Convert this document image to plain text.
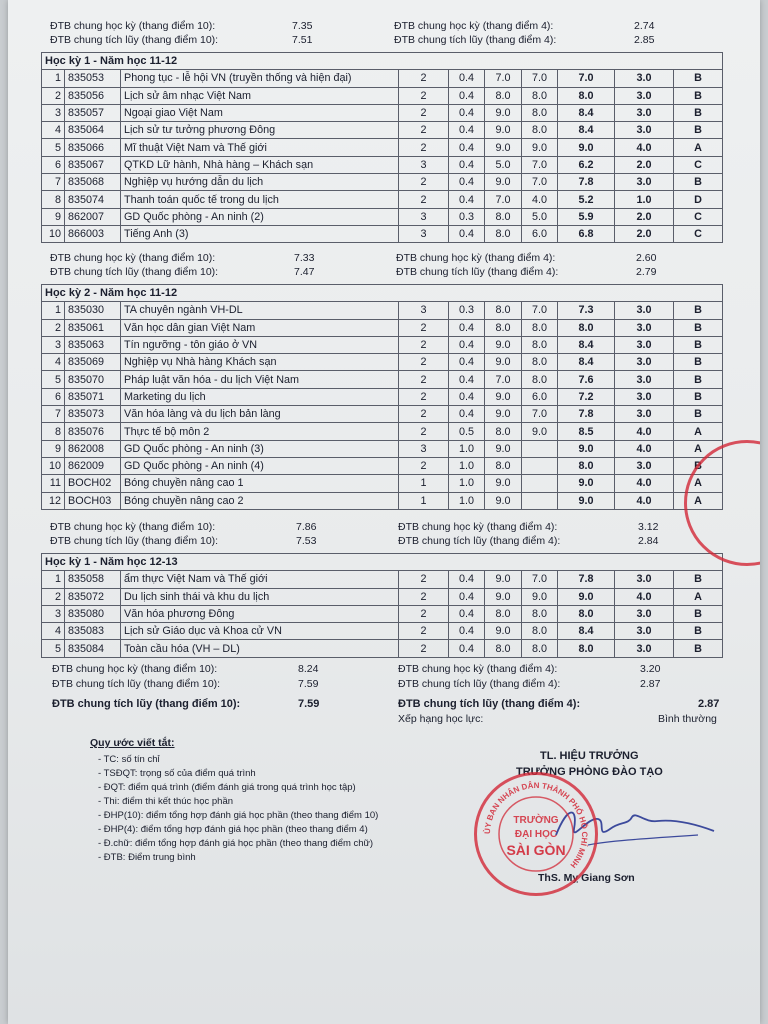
ĐTB chung học kỳ (thang điểm 10):	7.35
ĐTB chung tích lũy (thang điểm 10):	7.51
ĐTB chung học kỳ (thang điểm 4):	2.74
ĐTB chung tích lũy (thang điểm 4):	2.85
Học kỳ 1 - Năm học 11-12									
1	835053	Phong tục - lễ hội VN (truyền thống và hiện đại)	2	0.4	7.0	7.0	7.0	3.0	B
2	835056	Lịch sử âm nhạc Việt Nam	2	0.4	8.0	8.0	8.0	3.0	B
3	835057	Ngoại giao Việt Nam	2	0.4	9.0	8.0	8.4	3.0	B
4	835064	Lịch sử tư tưởng phương Đông	2	0.4	9.0	8.0	8.4	3.0	B
5	835066	Mĩ thuật Việt Nam và Thế giới	2	0.4	9.0	9.0	9.0	4.0	A
6	835067	QTKD Lữ hành, Nhà hàng – Khách sạn	3	0.4	5.0	7.0	6.2	2.0	C
7	835068	Nghiệp vụ hướng dẫn du lịch	2	0.4	9.0	7.0	7.8	3.0	B
8	835074	Thanh toán quốc tế trong du lịch	2	0.4	7.0	4.0	5.2	1.0	D
9	862007	GD Quốc phòng - An ninh (2)	3	0.3	8.0	5.0	5.9	2.0	C
10	866003	Tiếng Anh (3)	3	0.4	8.0	6.0	6.8	2.0	C
ĐTB chung học kỳ (thang điểm 10):	7.33
ĐTB chung tích lũy (thang điểm 10):	7.47
ĐTB chung học kỳ (thang điểm 4):	2.60
ĐTB chung tích lũy (thang điểm 4):	2.79
Học kỳ 2 - Năm học 11-12									
1	835030	TA chuyên ngành VH-DL	3	0.3	8.0	7.0	7.3	3.0	B
2	835061	Văn học dân gian Việt Nam	2	0.4	8.0	8.0	8.0	3.0	B
3	835063	Tín ngưỡng - tôn giáo ở VN	2	0.4	9.0	8.0	8.4	3.0	B
4	835069	Nghiệp vụ Nhà hàng Khách sạn	2	0.4	9.0	8.0	8.4	3.0	B
5	835070	Pháp luật văn hóa - du lịch Việt Nam	2	0.4	7.0	8.0	7.6	3.0	B
6	835071	Marketing du lịch	2	0.4	9.0	6.0	7.2	3.0	B
7	835073	Văn hóa làng và du lịch bản làng	2	0.4	9.0	7.0	7.8	3.0	B
8	835076	Thực tế bộ môn 2	2	0.5	8.0	9.0	8.5	4.0	A
9	862008	GD Quốc phòng - An ninh (3)	3	1.0	9.0		9.0	4.0	A
10	862009	GD Quốc phòng - An ninh (4)	2	1.0	8.0		8.0	3.0	B
11	BOCH02	Bóng chuyền nâng cao 1	1	1.0	9.0		9.0	4.0	A
12	BOCH03	Bóng chuyền nâng cao 2	1	1.0	9.0		9.0	4.0	A
ĐTB chung học kỳ (thang điểm 10):	7.86
ĐTB chung tích lũy (thang điểm 10):	7.53
ĐTB chung học kỳ (thang điểm 4):	3.12
ĐTB chung tích lũy (thang điểm 4):	2.84
Học kỳ 1 - Năm học 12-13									
1	835058	ẩm thực Việt Nam và Thế giới	2	0.4	9.0	7.0	7.8	3.0	B
2	835072	Du lịch sinh thái và khu du lịch	2	0.4	9.0	9.0	9.0	4.0	A
3	835080	Văn hóa phương Đông	2	0.4	8.0	8.0	8.0	3.0	B
4	835083	Lịch sử Giáo dục và Khoa cử VN	2	0.4	9.0	8.0	8.4	3.0	B
5	835084	Toàn cầu hóa (VH – DL)	2	0.4	8.0	8.0	8.0	3.0	B
ĐTB chung học kỳ (thang điểm 10):	8.24
ĐTB chung tích lũy (thang điểm 10):	7.59
ĐTB chung học kỳ (thang điểm 4):	3.20
ĐTB chung tích lũy (thang điểm 4):	2.87
ĐTB chung tích lũy (thang điểm 10):	7.59	ĐTB chung tích lũy (thang điểm 4):	2.87
Xếp hạng học lực:	Bình thường
Quy ước viết tắt:
- TC: số tín chỉ
- TSĐQT: trọng số của điểm quá trình
- ĐQT: điểm quá trình (điểm đánh giá trong quá trình học tập)
- Thi: điểm thi kết thúc học phần
- ĐHP(10): điểm tổng hợp đánh giá học phần (theo thang điểm 10)
- ĐHP(4): điểm tổng hợp đánh giá học phần (theo thang điểm 4)
- Đ.chữ: điểm tổng hợp đánh giá học phần (theo thang điểm chữ)
- ĐTB: Điểm trung bình
TL. HIỆU TRƯỞNG
TRƯỞNG PHÒNG ĐÀO TẠO
ThS. Mỵ Giang Sơn
ỦY BAN NHÂN DÂN THÀNH PHỐ HỒ CHÍ MINH
TRƯỜNG
ĐẠI HỌC
SÀI GÒN
